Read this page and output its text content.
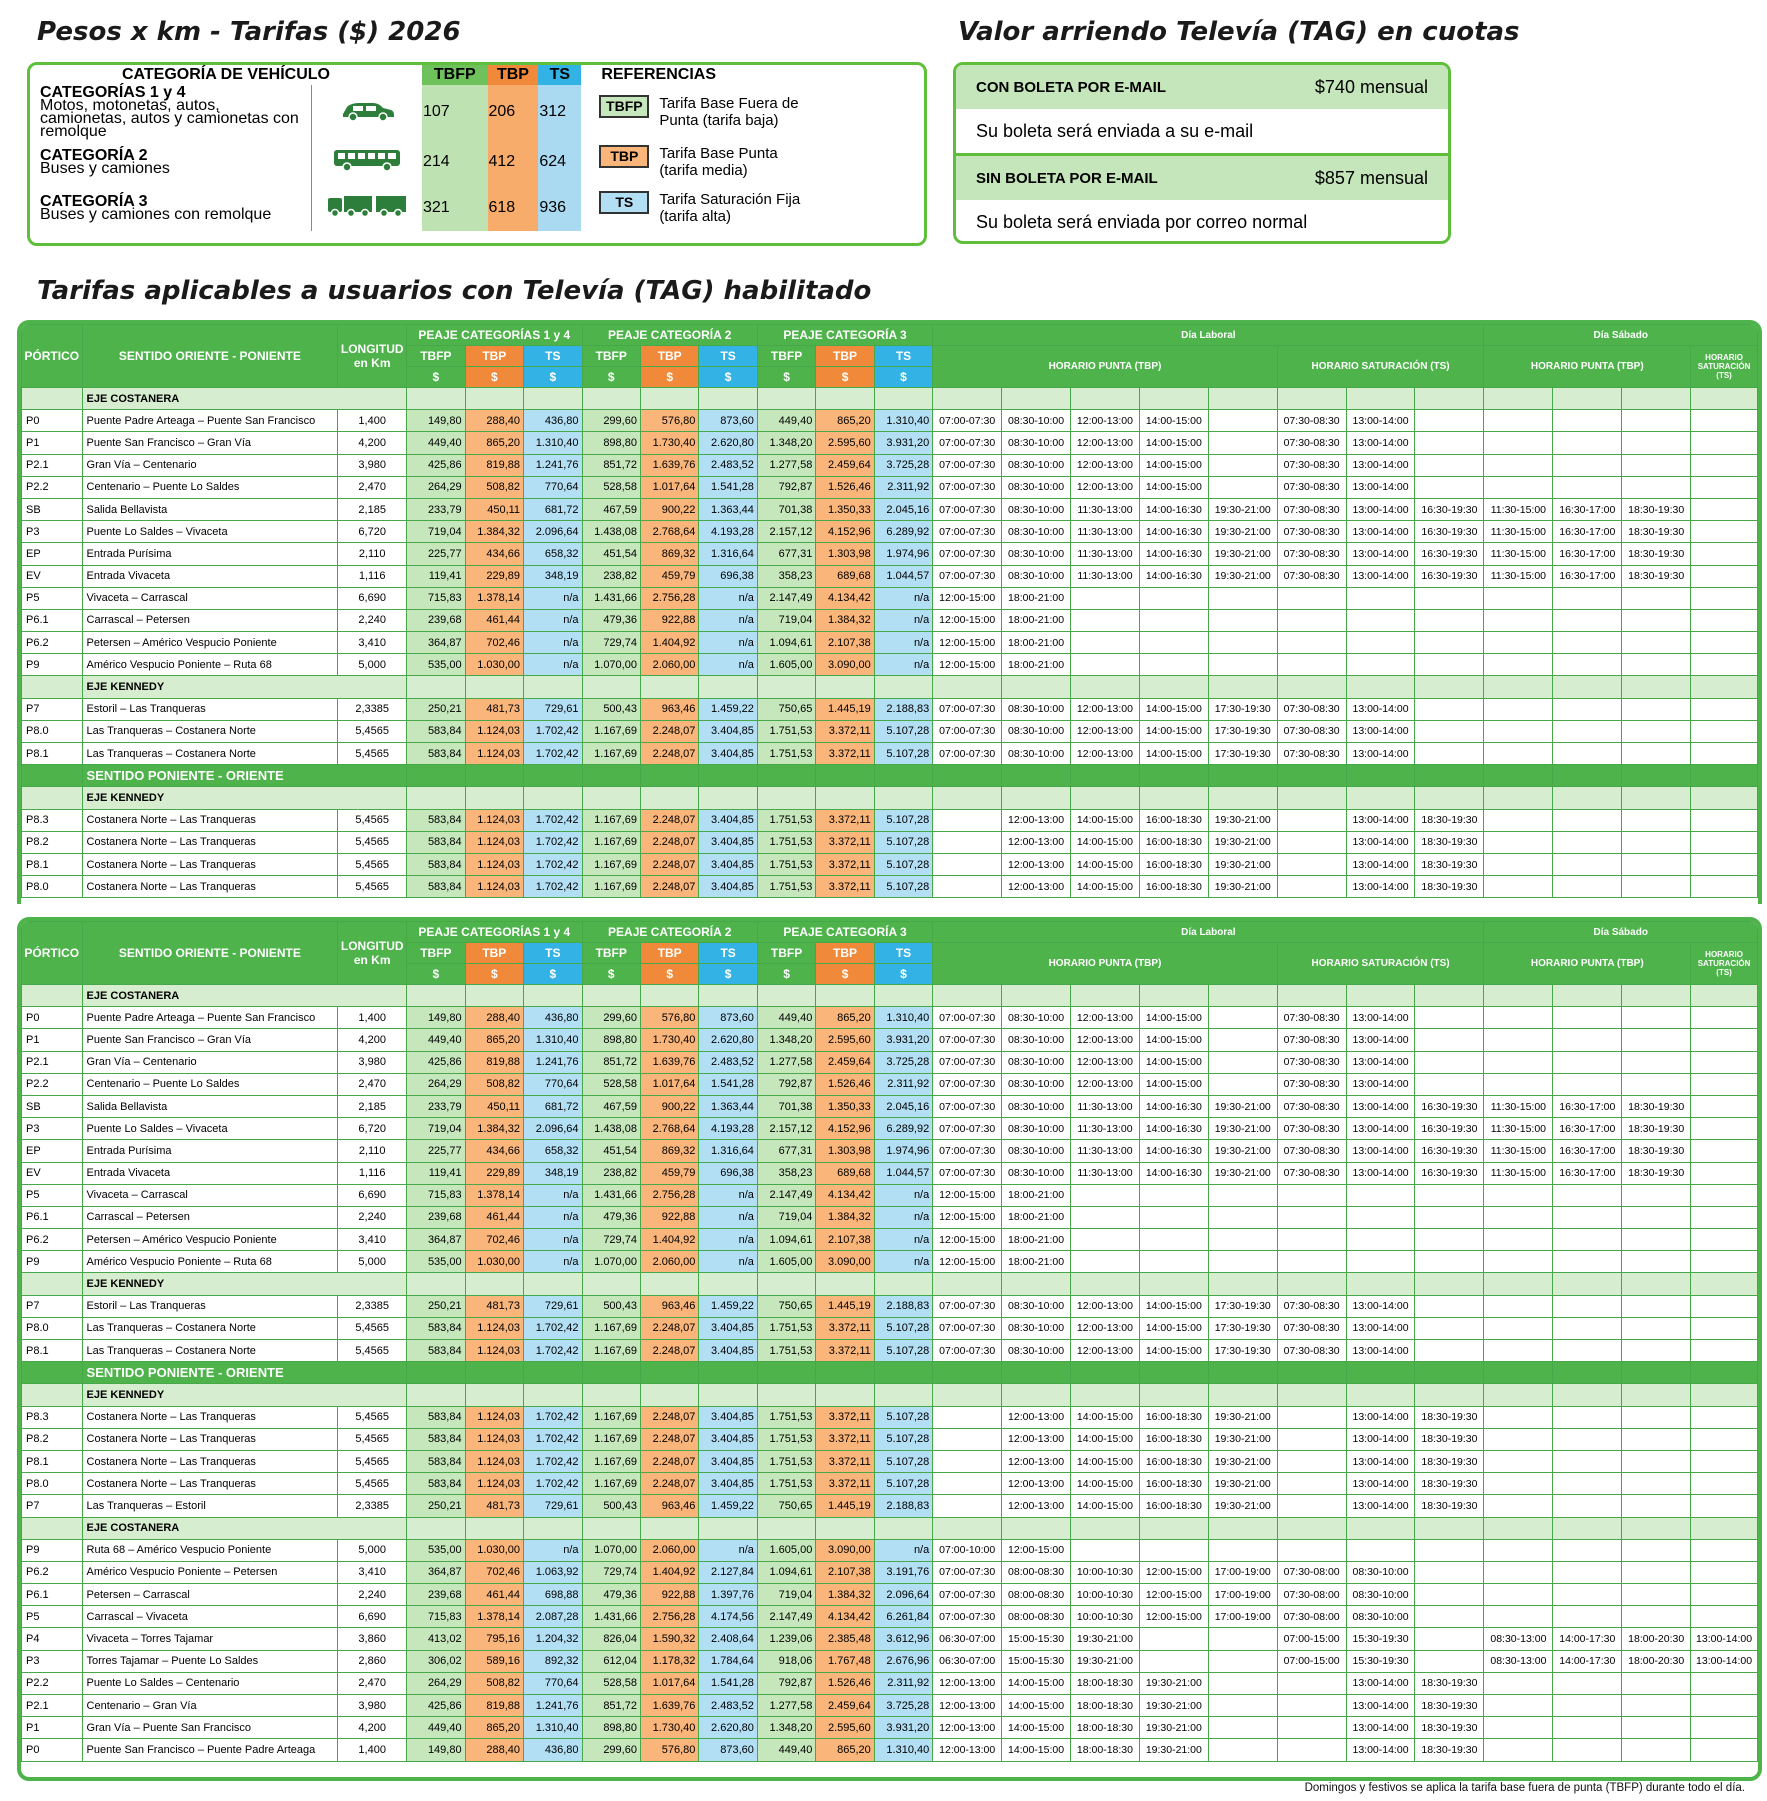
Pesos x km - Tarifas ($) 2026	Valor arriendo Televía (TAG) en cuotas
Tarifas aplicables a usuarios con Televía (TAG) habilitado
CATEGORÍA DE VEHÍCULO		TBFP	TBP	TS	REFERENCIAS
CATEGORÍAS 1 y 4
Motos, motonetas, autos, camionetas, autos y camionetas con remolque		107	206	312	TBFP Tarifa Base Fuera de Punta (tarifa baja)
CATEGORÍA 2
Buses y camiones		214	412	624	TBP Tarifa Base Punta (tarifa media)
CATEGORÍA 3
Buses y camiones con remolque		321	618	936	TS Tarifa Saturación Fija (tarifa alta)
CON BOLETA POR E-MAIL	$740 mensual
Su boleta será enviada a su e-mail
SIN BOLETA POR E-MAIL	$857 mensual
Su boleta será enviada por correo normal
PÓRTICO	SENTIDO ORIENTE - PONIENTE	LONGITUD en Km	PEAJE CATEGORÍAS 1 y 4			PEAJE CATEGORÍA 2			PEAJE CATEGORÍA 3			Día Laboral								Día Sábado			
			TBFP	TBP	TS	TBFP	TBP	TS	TBFP	TBP	TS	HORARIO PUNTA (TBP)					HORARIO SATURACIÓN (TS)			HORARIO PUNTA (TBP)			HORARIO SATURACIÓN (TS)
			$	$	$	$	$	$	$	$	$												
	EJE COSTANERA																						
P0	Puente Padre Arteaga – Puente San Francisco	1,400	149,80	288,40	436,80	299,60	576,80	873,60	449,40	865,20	1.310,40	07:00-07:30	08:30-10:00	12:00-13:00	14:00-15:00		07:30-08:30	13:00-14:00					
P1	Puente San Francisco – Gran Vía	4,200	449,40	865,20	1.310,40	898,80	1.730,40	2.620,80	1.348,20	2.595,60	3.931,20	07:00-07:30	08:30-10:00	12:00-13:00	14:00-15:00		07:30-08:30	13:00-14:00					
P2.1	Gran Vía – Centenario	3,980	425,86	819,88	1.241,76	851,72	1.639,76	2.483,52	1.277,58	2.459,64	3.725,28	07:00-07:30	08:30-10:00	12:00-13:00	14:00-15:00		07:30-08:30	13:00-14:00					
P2.2	Centenario – Puente Lo Saldes	2,470	264,29	508,82	770,64	528,58	1.017,64	1.541,28	792,87	1.526,46	2.311,92	07:00-07:30	08:30-10:00	12:00-13:00	14:00-15:00		07:30-08:30	13:00-14:00					
SB	Salida Bellavista	2,185	233,79	450,11	681,72	467,59	900,22	1.363,44	701,38	1.350,33	2.045,16	07:00-07:30	08:30-10:00	11:30-13:00	14:00-16:30	19:30-21:00	07:30-08:30	13:00-14:00	16:30-19:30	11:30-15:00	16:30-17:00	18:30-19:30	
P3	Puente Lo Saldes – Vivaceta	6,720	719,04	1.384,32	2.096,64	1.438,08	2.768,64	4.193,28	2.157,12	4.152,96	6.289,92	07:00-07:30	08:30-10:00	11:30-13:00	14:00-16:30	19:30-21:00	07:30-08:30	13:00-14:00	16:30-19:30	11:30-15:00	16:30-17:00	18:30-19:30	
EP	Entrada Purísima	2,110	225,77	434,66	658,32	451,54	869,32	1.316,64	677,31	1.303,98	1.974,96	07:00-07:30	08:30-10:00	11:30-13:00	14:00-16:30	19:30-21:00	07:30-08:30	13:00-14:00	16:30-19:30	11:30-15:00	16:30-17:00	18:30-19:30	
EV	Entrada Vivaceta	1,116	119,41	229,89	348,19	238,82	459,79	696,38	358,23	689,68	1.044,57	07:00-07:30	08:30-10:00	11:30-13:00	14:00-16:30	19:30-21:00	07:30-08:30	13:00-14:00	16:30-19:30	11:30-15:00	16:30-17:00	18:30-19:30	
P5	Vivaceta – Carrascal	6,690	715,83	1.378,14	n/a	1.431,66	2.756,28	n/a	2.147,49	4.134,42	n/a	12:00-15:00	18:00-21:00										
P6.1	Carrascal – Petersen	2,240	239,68	461,44	n/a	479,36	922,88	n/a	719,04	1.384,32	n/a	12:00-15:00	18:00-21:00										
P6.2	Petersen – Américo Vespucio Poniente	3,410	364,87	702,46	n/a	729,74	1.404,92	n/a	1.094,61	2.107,38	n/a	12:00-15:00	18:00-21:00										
P9	Américo Vespucio Poniente – Ruta 68	5,000	535,00	1.030,00	n/a	1.070,00	2.060,00	n/a	1.605,00	3.090,00	n/a	12:00-15:00	18:00-21:00										
	EJE KENNEDY																						
P7	Estoril – Las Tranqueras	2,3385	250,21	481,73	729,61	500,43	963,46	1.459,22	750,65	1.445,19	2.188,83	07:00-07:30	08:30-10:00	12:00-13:00	14:00-15:00	17:30-19:30	07:30-08:30	13:00-14:00					
P8.0	Las Tranqueras – Costanera Norte	5,4565	583,84	1.124,03	1.702,42	1.167,69	2.248,07	3.404,85	1.751,53	3.372,11	5.107,28	07:00-07:30	08:30-10:00	12:00-13:00	14:00-15:00	17:30-19:30	07:30-08:30	13:00-14:00					
P8.1	Las Tranqueras – Costanera Norte	5,4565	583,84	1.124,03	1.702,42	1.167,69	2.248,07	3.404,85	1.751,53	3.372,11	5.107,28	07:00-07:30	08:30-10:00	12:00-13:00	14:00-15:00	17:30-19:30	07:30-08:30	13:00-14:00					
	SENTIDO PONIENTE - ORIENTE																						
	EJE KENNEDY																						
P8.3	Costanera Norte – Las Tranqueras	5,4565	583,84	1.124,03	1.702,42	1.167,69	2.248,07	3.404,85	1.751,53	3.372,11	5.107,28		12:00-13:00	14:00-15:00	16:00-18:30	19:30-21:00		13:00-14:00	18:30-19:30				
P8.2	Costanera Norte – Las Tranqueras	5,4565	583,84	1.124,03	1.702,42	1.167,69	2.248,07	3.404,85	1.751,53	3.372,11	5.107,28		12:00-13:00	14:00-15:00	16:00-18:30	19:30-21:00		13:00-14:00	18:30-19:30				
P8.1	Costanera Norte – Las Tranqueras	5,4565	583,84	1.124,03	1.702,42	1.167,69	2.248,07	3.404,85	1.751,53	3.372,11	5.107,28		12:00-13:00	14:00-15:00	16:00-18:30	19:30-21:00		13:00-14:00	18:30-19:30				
P8.0	Costanera Norte – Las Tranqueras	5,4565	583,84	1.124,03	1.702,42	1.167,69	2.248,07	3.404,85	1.751,53	3.372,11	5.107,28		12:00-13:00	14:00-15:00	16:00-18:30	19:30-21:00		13:00-14:00	18:30-19:30				
PÓRTICO	SENTIDO ORIENTE - PONIENTE	LONGITUD en Km	PEAJE CATEGORÍAS 1 y 4			PEAJE CATEGORÍA 2			PEAJE CATEGORÍA 3			Día Laboral								Día Sábado			
			TBFP	TBP	TS	TBFP	TBP	TS	TBFP	TBP	TS	HORARIO PUNTA (TBP)					HORARIO SATURACIÓN (TS)			HORARIO PUNTA (TBP)			HORARIO SATURACIÓN (TS)
			$	$	$	$	$	$	$	$	$												
	EJE COSTANERA																						
P0	Puente Padre Arteaga – Puente San Francisco	1,400	149,80	288,40	436,80	299,60	576,80	873,60	449,40	865,20	1.310,40	07:00-07:30	08:30-10:00	12:00-13:00	14:00-15:00		07:30-08:30	13:00-14:00					
P1	Puente San Francisco – Gran Vía	4,200	449,40	865,20	1.310,40	898,80	1.730,40	2.620,80	1.348,20	2.595,60	3.931,20	07:00-07:30	08:30-10:00	12:00-13:00	14:00-15:00		07:30-08:30	13:00-14:00					
P2.1	Gran Vía – Centenario	3,980	425,86	819,88	1.241,76	851,72	1.639,76	2.483,52	1.277,58	2.459,64	3.725,28	07:00-07:30	08:30-10:00	12:00-13:00	14:00-15:00		07:30-08:30	13:00-14:00					
P2.2	Centenario – Puente Lo Saldes	2,470	264,29	508,82	770,64	528,58	1.017,64	1.541,28	792,87	1.526,46	2.311,92	07:00-07:30	08:30-10:00	12:00-13:00	14:00-15:00		07:30-08:30	13:00-14:00					
SB	Salida Bellavista	2,185	233,79	450,11	681,72	467,59	900,22	1.363,44	701,38	1.350,33	2.045,16	07:00-07:30	08:30-10:00	11:30-13:00	14:00-16:30	19:30-21:00	07:30-08:30	13:00-14:00	16:30-19:30	11:30-15:00	16:30-17:00	18:30-19:30	
P3	Puente Lo Saldes – Vivaceta	6,720	719,04	1.384,32	2.096,64	1.438,08	2.768,64	4.193,28	2.157,12	4.152,96	6.289,92	07:00-07:30	08:30-10:00	11:30-13:00	14:00-16:30	19:30-21:00	07:30-08:30	13:00-14:00	16:30-19:30	11:30-15:00	16:30-17:00	18:30-19:30	
EP	Entrada Purísima	2,110	225,77	434,66	658,32	451,54	869,32	1.316,64	677,31	1.303,98	1.974,96	07:00-07:30	08:30-10:00	11:30-13:00	14:00-16:30	19:30-21:00	07:30-08:30	13:00-14:00	16:30-19:30	11:30-15:00	16:30-17:00	18:30-19:30	
EV	Entrada Vivaceta	1,116	119,41	229,89	348,19	238,82	459,79	696,38	358,23	689,68	1.044,57	07:00-07:30	08:30-10:00	11:30-13:00	14:00-16:30	19:30-21:00	07:30-08:30	13:00-14:00	16:30-19:30	11:30-15:00	16:30-17:00	18:30-19:30	
P5	Vivaceta – Carrascal	6,690	715,83	1.378,14	n/a	1.431,66	2.756,28	n/a	2.147,49	4.134,42	n/a	12:00-15:00	18:00-21:00										
P6.1	Carrascal – Petersen	2,240	239,68	461,44	n/a	479,36	922,88	n/a	719,04	1.384,32	n/a	12:00-15:00	18:00-21:00										
P6.2	Petersen – Américo Vespucio Poniente	3,410	364,87	702,46	n/a	729,74	1.404,92	n/a	1.094,61	2.107,38	n/a	12:00-15:00	18:00-21:00										
P9	Américo Vespucio Poniente – Ruta 68	5,000	535,00	1.030,00	n/a	1.070,00	2.060,00	n/a	1.605,00	3.090,00	n/a	12:00-15:00	18:00-21:00										
	EJE KENNEDY																						
P7	Estoril – Las Tranqueras	2,3385	250,21	481,73	729,61	500,43	963,46	1.459,22	750,65	1.445,19	2.188,83	07:00-07:30	08:30-10:00	12:00-13:00	14:00-15:00	17:30-19:30	07:30-08:30	13:00-14:00					
P8.0	Las Tranqueras – Costanera Norte	5,4565	583,84	1.124,03	1.702,42	1.167,69	2.248,07	3.404,85	1.751,53	3.372,11	5.107,28	07:00-07:30	08:30-10:00	12:00-13:00	14:00-15:00	17:30-19:30	07:30-08:30	13:00-14:00					
P8.1	Las Tranqueras – Costanera Norte	5,4565	583,84	1.124,03	1.702,42	1.167,69	2.248,07	3.404,85	1.751,53	3.372,11	5.107,28	07:00-07:30	08:30-10:00	12:00-13:00	14:00-15:00	17:30-19:30	07:30-08:30	13:00-14:00					
	SENTIDO PONIENTE - ORIENTE																						
	EJE KENNEDY																						
P8.3	Costanera Norte – Las Tranqueras	5,4565	583,84	1.124,03	1.702,42	1.167,69	2.248,07	3.404,85	1.751,53	3.372,11	5.107,28		12:00-13:00	14:00-15:00	16:00-18:30	19:30-21:00		13:00-14:00	18:30-19:30				
P8.2	Costanera Norte – Las Tranqueras	5,4565	583,84	1.124,03	1.702,42	1.167,69	2.248,07	3.404,85	1.751,53	3.372,11	5.107,28		12:00-13:00	14:00-15:00	16:00-18:30	19:30-21:00		13:00-14:00	18:30-19:30				
P8.1	Costanera Norte – Las Tranqueras	5,4565	583,84	1.124,03	1.702,42	1.167,69	2.248,07	3.404,85	1.751,53	3.372,11	5.107,28		12:00-13:00	14:00-15:00	16:00-18:30	19:30-21:00		13:00-14:00	18:30-19:30				
P8.0	Costanera Norte – Las Tranqueras	5,4565	583,84	1.124,03	1.702,42	1.167,69	2.248,07	3.404,85	1.751,53	3.372,11	5.107,28		12:00-13:00	14:00-15:00	16:00-18:30	19:30-21:00		13:00-14:00	18:30-19:30				
P7	Las Tranqueras – Estoril	2,3385	250,21	481,73	729,61	500,43	963,46	1.459,22	750,65	1.445,19	2.188,83		12:00-13:00	14:00-15:00	16:00-18:30	19:30-21:00		13:00-14:00	18:30-19:30				
	EJE COSTANERA																						
P9	Ruta 68 – Américo Vespucio Poniente	5,000	535,00	1.030,00	n/a	1.070,00	2.060,00	n/a	1.605,00	3.090,00	n/a	07:00-10:00	12:00-15:00										
P6.2	Américo Vespucio Poniente – Petersen	3,410	364,87	702,46	1.063,92	729,74	1.404,92	2.127,84	1.094,61	2.107,38	3.191,76	07:00-07:30	08:00-08:30	10:00-10:30	12:00-15:00	17:00-19:00	07:30-08:00	08:30-10:00					
P6.1	Petersen – Carrascal	2,240	239,68	461,44	698,88	479,36	922,88	1.397,76	719,04	1.384,32	2.096,64	07:00-07:30	08:00-08:30	10:00-10:30	12:00-15:00	17:00-19:00	07:30-08:00	08:30-10:00					
P5	Carrascal – Vivaceta	6,690	715,83	1.378,14	2.087,28	1.431,66	2.756,28	4.174,56	2.147,49	4.134,42	6.261,84	07:00-07:30	08:00-08:30	10:00-10:30	12:00-15:00	17:00-19:00	07:30-08:00	08:30-10:00					
P4	Vivaceta – Torres Tajamar	3,860	413,02	795,16	1.204,32	826,04	1.590,32	2.408,64	1.239,06	2.385,48	3.612,96	06:30-07:00	15:00-15:30	19:30-21:00			07:00-15:00	15:30-19:30		08:30-13:00	14:00-17:30	18:00-20:30	13:00-14:00
P3	Torres Tajamar – Puente Lo Saldes	2,860	306,02	589,16	892,32	612,04	1.178,32	1.784,64	918,06	1.767,48	2.676,96	06:30-07:00	15:00-15:30	19:30-21:00			07:00-15:00	15:30-19:30		08:30-13:00	14:00-17:30	18:00-20:30	13:00-14:00
P2.2	Puente Lo Saldes – Centenario	2,470	264,29	508,82	770,64	528,58	1.017,64	1.541,28	792,87	1.526,46	2.311,92	12:00-13:00	14:00-15:00	18:00-18:30	19:30-21:00			13:00-14:00	18:30-19:30				
P2.1	Centenario – Gran Vía	3,980	425,86	819,88	1.241,76	851,72	1.639,76	2.483,52	1.277,58	2.459,64	3.725,28	12:00-13:00	14:00-15:00	18:00-18:30	19:30-21:00			13:00-14:00	18:30-19:30				
P1	Gran Vía – Puente San Francisco	4,200	449,40	865,20	1.310,40	898,80	1.730,40	2.620,80	1.348,20	2.595,60	3.931,20	12:00-13:00	14:00-15:00	18:00-18:30	19:30-21:00			13:00-14:00	18:30-19:30				
P0	Puente San Francisco – Puente Padre Arteaga	1,400	149,80	288,40	436,80	299,60	576,80	873,60	449,40	865,20	1.310,40	12:00-13:00	14:00-15:00	18:00-18:30	19:30-21:00			13:00-14:00	18:30-19:30				
Domingos y festivos se aplica la tarifa base fuera de punta (TBFP) durante todo el día.
